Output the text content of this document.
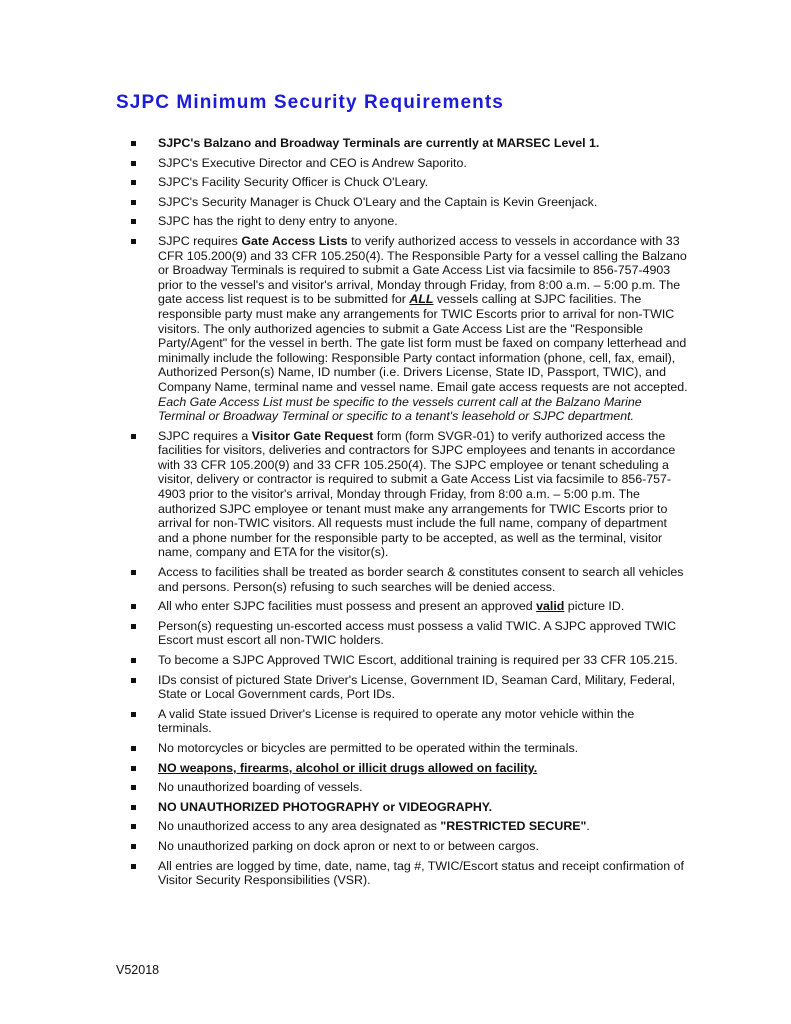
SJPC Minimum Security Requirements
SJPC's Balzano and Broadway Terminals are currently at MARSEC Level 1.
SJPC's Executive Director and CEO is Andrew Saporito.
SJPC's Facility Security Officer is Chuck O'Leary.
SJPC's Security Manager is Chuck O'Leary and the Captain is Kevin Greenjack.
SJPC has the right to deny entry to anyone.
SJPC requires Gate Access Lists to verify authorized access to vessels in accordance with 33 CFR 105.200(9) and 33 CFR 105.250(4). The Responsible Party for a vessel calling the Balzano or Broadway Terminals is required to submit a Gate Access List via facsimile to 856-757-4903 prior to the vessel's and visitor's arrival, Monday through Friday, from 8:00 a.m. – 5:00 p.m. The gate access list request is to be submitted for ALL vessels calling at SJPC facilities. The responsible party must make any arrangements for TWIC Escorts prior to arrival for non-TWIC visitors. The only authorized agencies to submit a Gate Access List are the "Responsible Party/Agent" for the vessel in berth. The gate list form must be faxed on company letterhead and minimally include the following: Responsible Party contact information (phone, cell, fax, email), Authorized Person(s) Name, ID number (i.e. Drivers License, State ID, Passport, TWIC), and Company Name, terminal name and vessel name. Email gate access requests are not accepted.
Each Gate Access List must be specific to the vessels current call at the Balzano Marine Terminal or Broadway Terminal or specific to a tenant's leasehold or SJPC department.
SJPC requires a Visitor Gate Request form (form SVGR-01) to verify authorized access the facilities for visitors, deliveries and contractors for SJPC employees and tenants in accordance with 33 CFR 105.200(9) and 33 CFR 105.250(4). The SJPC employee or tenant scheduling a visitor, delivery or contractor is required to submit a Gate Access List via facsimile to 856-757-4903 prior to the visitor's arrival, Monday through Friday, from 8:00 a.m. – 5:00 p.m. The authorized SJPC employee or tenant must make any arrangements for TWIC Escorts prior to arrival for non-TWIC visitors. All requests must include the full name, company of department and a phone number for the responsible party to be accepted, as well as the terminal, visitor name, company and ETA for the visitor(s).
Access to facilities shall be treated as border search & constitutes consent to search all vehicles and persons. Person(s) refusing to such searches will be denied access.
All who enter SJPC facilities must possess and present an approved valid picture ID.
Person(s) requesting un-escorted access must possess a valid TWIC. A SJPC approved TWIC Escort must escort all non-TWIC holders.
To become a SJPC Approved TWIC Escort, additional training is required per 33 CFR 105.215.
IDs consist of pictured State Driver's License, Government ID, Seaman Card, Military, Federal, State or Local Government cards, Port IDs.
A valid State issued Driver's License is required to operate any motor vehicle within the terminals.
No motorcycles or bicycles are permitted to be operated within the terminals.
NO weapons, firearms, alcohol or illicit drugs allowed on facility.
No unauthorized boarding of vessels.
NO UNAUTHORIZED PHOTOGRAPHY or VIDEOGRAPHY.
No unauthorized access to any area designated as "RESTRICTED SECURE".
No unauthorized parking on dock apron or next to or between cargos.
All entries are logged by time, date, name, tag #, TWIC/Escort status and receipt confirmation of Visitor Security Responsibilities (VSR).

V52018
